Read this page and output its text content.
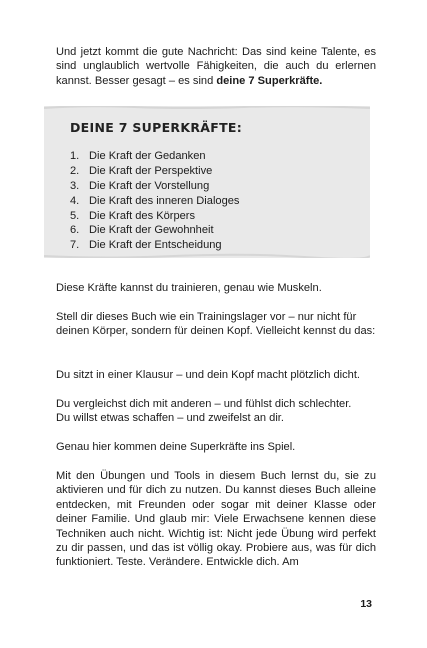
Und jetzt kommt die gute Nachricht: Das sind keine Talente, es sind unglaublich wertvolle Fähigkeiten, die auch du erlernen kannst. Besser gesagt – es sind deine 7 Superkräfte.

DEINE 7 SUPERKRÄFTE:

1. Die Kraft der Gedanken
2. Die Kraft der Perspektive
3. Die Kraft der Vorstellung
4. Die Kraft des inneren Dialoges
5. Die Kraft des Körpers
6. Die Kraft der Gewohnheit
7. Die Kraft der Entscheidung

Diese Kräfte kannst du trainieren, genau wie Muskeln.

Stell dir dieses Buch wie ein Trainingslager vor – nur nicht für deinen Körper, sondern für deinen Kopf. Vielleicht kennst du das:

Du sitzt in einer Klausur – und dein Kopf macht plötzlich dicht.

Du vergleichst dich mit anderen – und fühlst dich schlechter.

Du willst etwas schaffen – und zweifelst an dir.

Genau hier kommen deine Superkräfte ins Spiel.

Mit den Übungen und Tools in diesem Buch lernst du, sie zu aktivieren und für dich zu nutzen. Du kannst dieses Buch alleine entdecken, mit Freunden oder sogar mit deiner Klasse oder deiner Familie. Und glaub mir: Viele Erwachsene kennen diese Techniken auch nicht. Wichtig ist: Nicht jede Übung wird perfekt zu dir passen, und das ist völlig okay. Probiere aus, was für dich funktioniert. Teste. Verändere. Entwickle dich. Am

13
